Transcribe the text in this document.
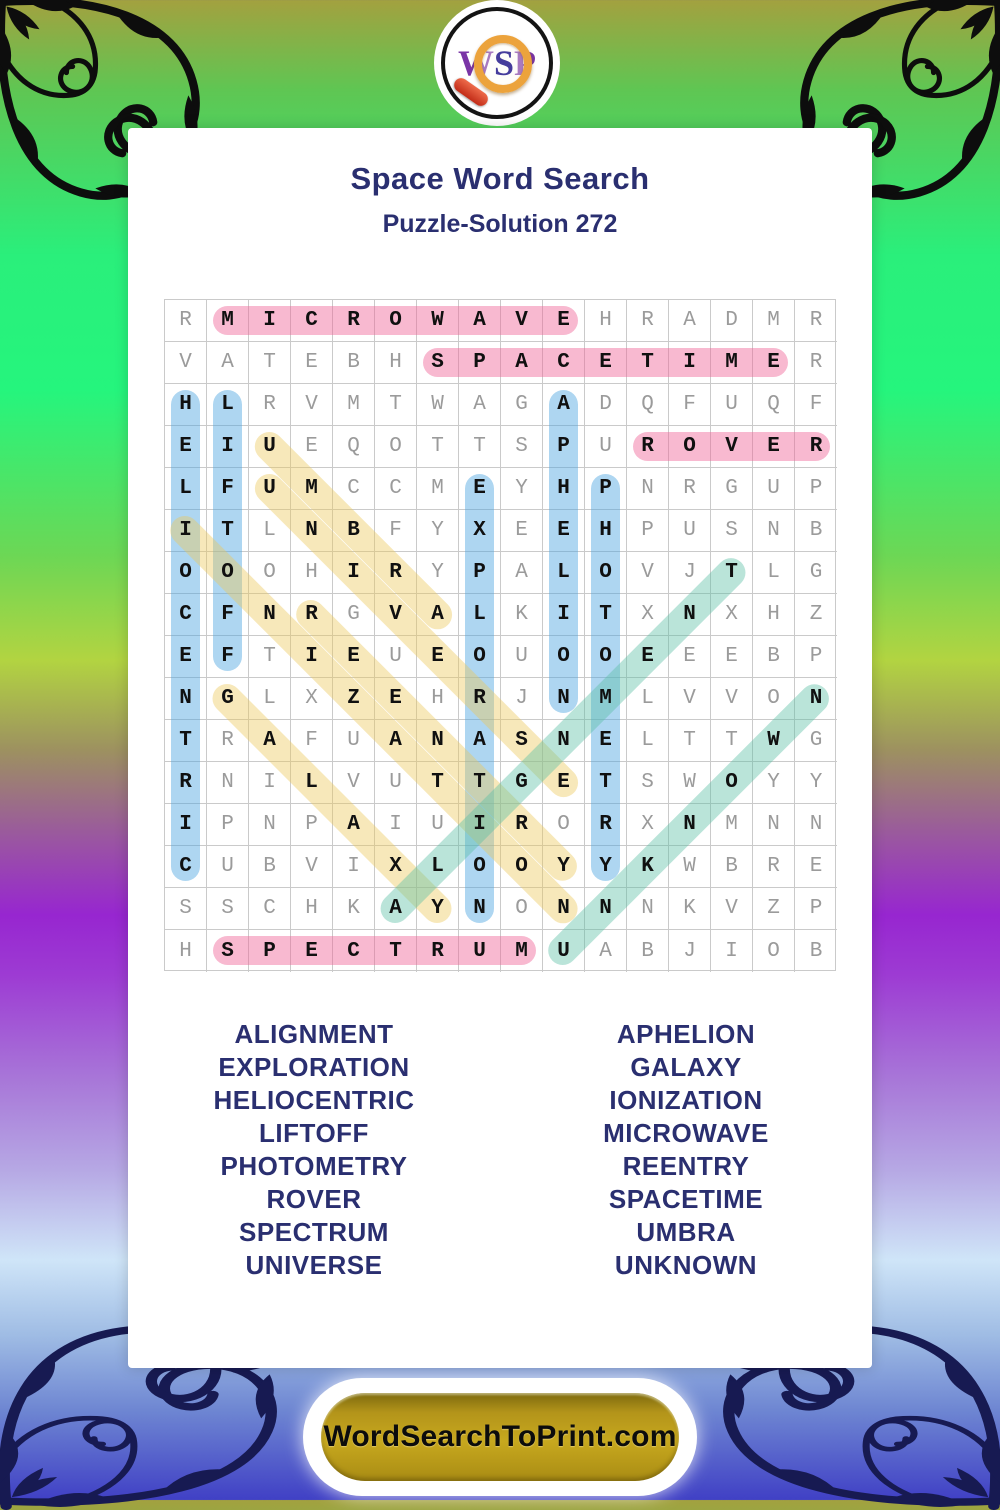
W S P
Space Word Search
Puzzle-Solution 272
R M I C R O W A V E H R A D M R
V A T E B H S P A C E T I M E R
H L R V M T W A G A D Q F U Q F
E I U E Q O T T S P U R O V E R
L F U M C C M E Y H P N R G U P
I T L N B F Y X E E H P U S N B
O O O H I R Y P A L O V J T L G
C F N R G V A L K I T X N X H Z
E F T I E U E O U O O E E E B P
N G L X Z E H R J N M L V V O N
T R A F U A N A S N E L T T W G
R N I L V U T T G E T S W O Y Y
I P N P A I U I R O R X N M N N
C U B V I X L O O Y Y K W B R E
S S C H K A Y N O N N N K V Z P
H S P E C T R U M U A B J I O B
ALIGNMENT
EXPLORATION
HELIOCENTRIC
LIFTOFF
PHOTOMETRY
ROVER
SPECTRUM
UNIVERSE
APHELION
GALAXY
IONIZATION
MICROWAVE
REENTRY
SPACETIME
UMBRA
UNKNOWN
WordSearchToPrint.com
